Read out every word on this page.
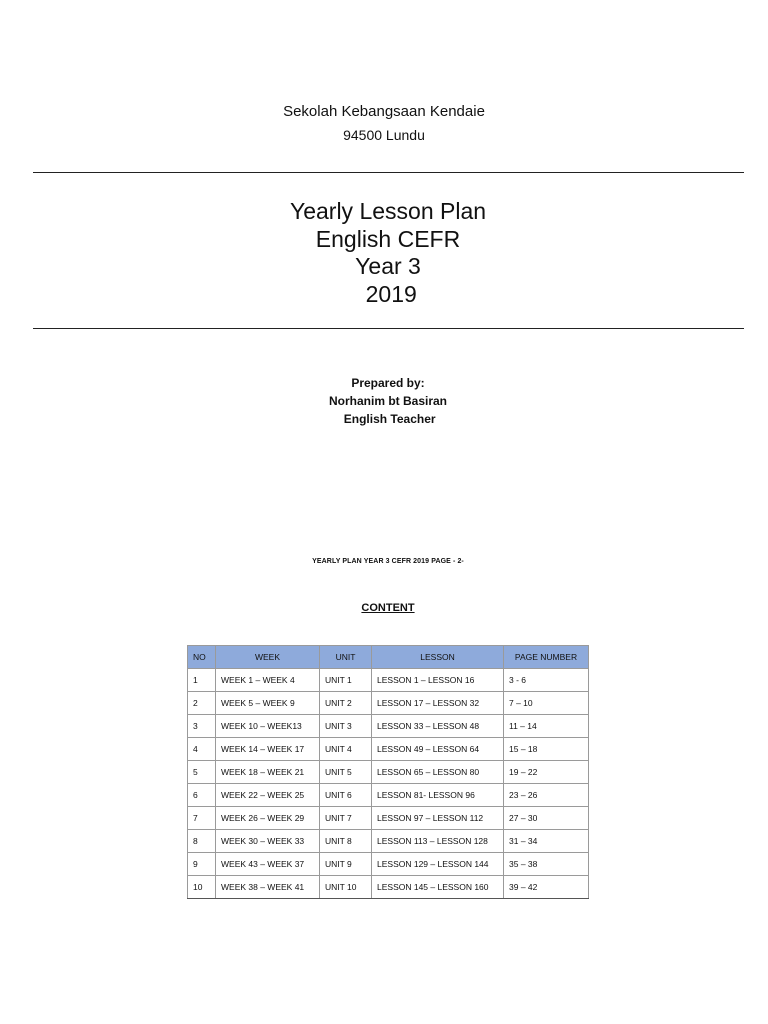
Sekolah Kebangsaan Kendaie
94500 Lundu
Yearly Lesson Plan
English CEFR
Year 3
2019
Prepared by:
Norhanim bt Basiran
English Teacher
YEARLY PLAN YEAR 3 CEFR 2019 PAGE - 2-
CONTENT
NO	WEEK	UNIT	LESSON	PAGE NUMBER
1	WEEK 1 – WEEK 4	UNIT 1	LESSON 1 – LESSON 16	3 - 6
2	WEEK 5 – WEEK 9	UNIT 2	LESSON 17 – LESSON 32	7 – 10
3	WEEK 10 – WEEK13	UNIT 3	LESSON 33 – LESSON 48	11 – 14
4	WEEK 14 – WEEK 17	UNIT 4	LESSON 49 – LESSON 64	15 – 18
5	WEEK 18 – WEEK 21	UNIT 5	LESSON 65 – LESSON 80	19 – 22
6	WEEK 22 – WEEK 25	UNIT 6	LESSON 81- LESSON 96	23 – 26
7	WEEK 26 – WEEK 29	UNIT 7	LESSON 97 – LESSON 112	27 – 30
8	WEEK 30 – WEEK 33	UNIT 8	LESSON 113 – LESSON 128	31 – 34
9	WEEK 43 – WEEK 37	UNIT 9	LESSON 129 – LESSON 144	35 – 38
10	WEEK 38 – WEEK 41	UNIT 10	LESSON 145 – LESSON 160	39 – 42
